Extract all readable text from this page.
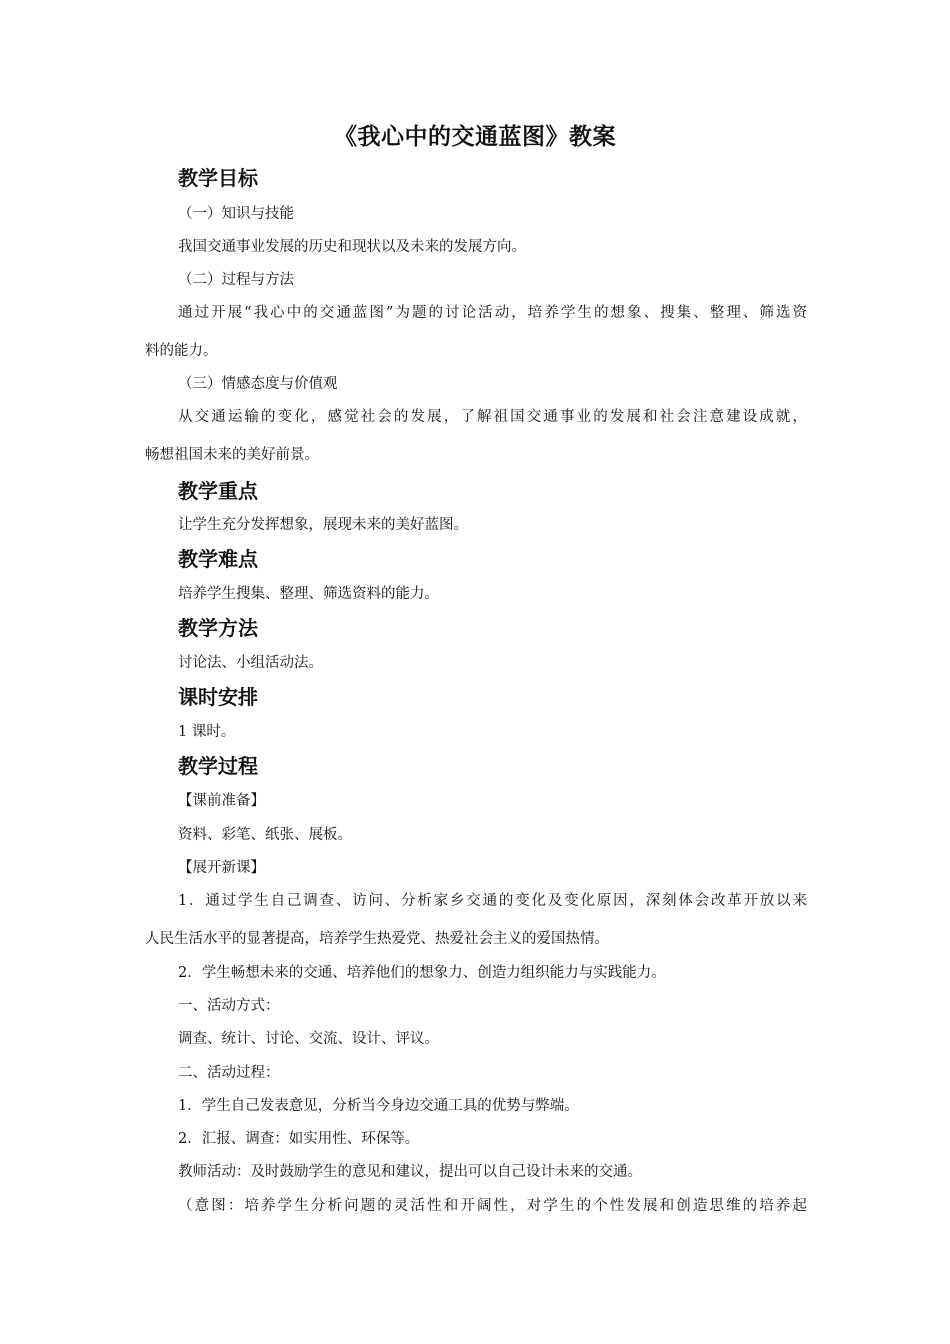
《我心中的交通蓝图》教案
教学目标
（一）知识与技能
我国交通事业发展的历史和现状以及未来的发展方向。
（二）过程与方法
通过开展“我心中的交通蓝图”为题的讨论活动，培养学生的想象、搜集、整理、筛选资
料的能力。
（三）情感态度与价值观
从交通运输的变化，感觉社会的发展，了解祖国交通事业的发展和社会注意建设成就，
畅想祖国未来的美好前景。
教学重点
让学生充分发挥想象，展现未来的美好蓝图。
教学难点
培养学生搜集、整理、筛选资料的能力。
教学方法
讨论法、小组活动法。
课时安排
1 课时。
教学过程
【课前准备】
资料、彩笔、纸张、展板。
【展开新课】
1．通过学生自己调查、访问、分析家乡交通的变化及变化原因，深刻体会改革开放以来
人民生活水平的显著提高，培养学生热爱党、热爱社会主义的爱国热情。
2．学生畅想未来的交通、培养他们的想象力、创造力组织能力与实践能力。
一、活动方式：
调查、统计、讨论、交流、设计、评议。
二、活动过程：
1．学生自己发表意见，分析当今身边交通工具的优势与弊端。
2．汇报、调查：如实用性、环保等。
教师活动：及时鼓励学生的意见和建议，提出可以自己设计未来的交通。
（意图：培养学生分析问题的灵活性和开阔性，对学生的个性发展和创造思维的培养起
